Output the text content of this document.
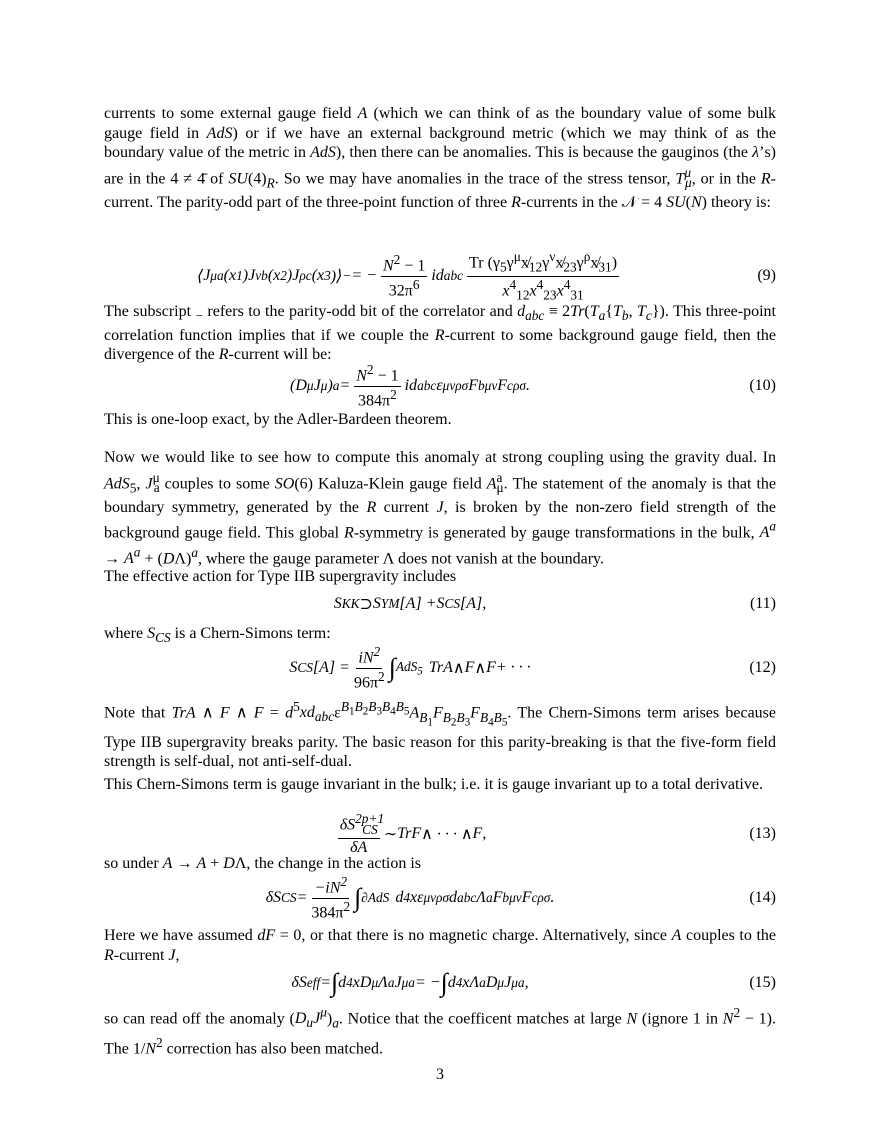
currents to some external gauge field A (which we can think of as the boundary value of some bulk gauge field in AdS) or if we have an external background metric (which we may think of as the boundary value of the metric in AdS), then there can be anomalies. This is because the gauginos (the λ’s) are in the 4 ≠ 4̄ of $SU(4)_R$. So we may have anomalies in the trace of the stress tensor, $T^\mu_\mu$, or in the R-current. The parity-odd part of the three-point function of three R-currents in the 𝒩 = 4 SU(N) theory is:

⟨ J μ a ( x 1 ) J ν b ( x 2 ) J ρ c ( x 3 )⟩ − = − $\frac{N^2 - 1}{32\pi^6}$ id abc
Tr $(\gamma_5\gamma^\mu x̸_{12}\gamma^\nu x̸_{23}\gamma^\rho x̸_{31})$
$x^4_{12}x^4_{23}x^4_{31}$
(9)

The subscript $_-$ refers to the parity-odd bit of the correlator and $d_{abc} \equiv 2Tr(T_a\{T_b$, $T_c$}). This three-point correlation function implies that if we couple the R-current to some background gauge field, then the divergence of the R-current will be:

( D μ J μ ) a =
$N^2 - 1$
$384\pi^2$ id abc ε μνρσ F b μν F c ρσ .	(10)

This is one-loop exact, by the Adler-Bardeen theorem.

Now we would like to see how to compute this anomaly at strong coupling using the gravity dual. In AdS$_5$, $J^\mu_a$ couples to some SO(6) Kaluza-Klein gauge field $A^a_\mu$. The statement of the anomaly is that the boundary symmetry, generated by the R current J, is broken by the non-zero field strength of the background gauge field. This global R-symmetry is generated by gauge transformations in the bulk, $A^a \to A^a + (D\Lambda)^a$, where the gauge parameter Λ does not vanish at the boundary.

The effective action for Type IIB supergravity includes

S KK ⊃ S YM [ A ] + S CS [ A ],	(11)

where $S_{CS}$ is a Chern-Simons term:

S CS [ A ] =
$iN^2$
$96\pi^2$ ∫ AdS$_5$ TrA ∧ F ∧ F + · · ·	(12)

Note that TrA ∧ F ∧ $F = d^5xd_{abc}\varepsilon^{B_1B_2B_3B_4B_5}A_{B_1}F_{B_2B_3}F_{B_4B_5}$. The Chern-Simons term arises because Type IIB supergravity breaks parity. The basic reason for this parity-breaking is that the five-form field strength is self-dual, not anti-self-dual.

This Chern-Simons term is gauge invariant in the bulk; i.e. it is gauge invariant up to a total derivative.

$\delta S^{2p+1}_{CS}$
δA
∼ TrF ∧ · · · ∧ F ,	(13)

so under A → A + DΛ, the change in the action is

δ S CS =
$-iN^2$
$384\pi^2$ ∫ ∂AdS d 4 x ε μνρσ d abc Λ a F b μν F c ρσ .	(14)

Here we have assumed dF = 0, or that there is no magnetic charge. Alternatively, since A couples to the R-current J,

δ S eff = ∫ d 4 xD μ Λ a J μ a = − ∫ d 4 x Λ a D μ J μ a ,	(15)

so can read off the anomaly $(D_uJ^\mu)_a$. Notice that the coefficent matches at large N (ignore 1 in $N^2 - 1$). The $1/N^2$ correction has also been matched.

3
